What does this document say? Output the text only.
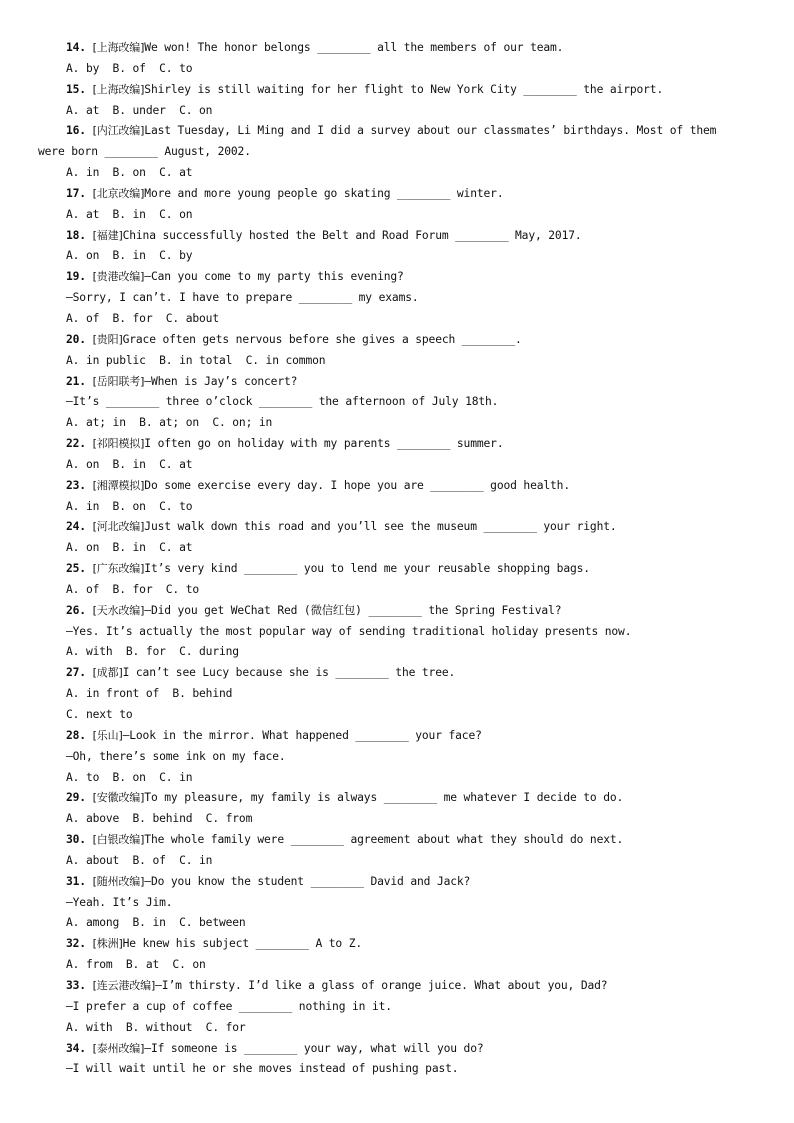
14. [上海改编]We won! The honor belongs ________ all the members of our team.
A. by  B. of  C. to
15. [上海改编]Shirley is still waiting for her flight to New York City ________ the airport.
A. at  B. under  C. on
16. [内江改编]Last Tuesday, Li Ming and I did a survey about our classmates’ birthdays. Most of them
were born ________ August, 2002.
A. in  B. on  C. at
17. [北京改编]More and more young people go skating ________ winter.
A. at  B. in  C. on
18. [福建]China successfully hosted the Belt and Road Forum ________ May, 2017.
A. on  B. in  C. by
19. [贵港改编]—Can you come to my party this evening?
—Sorry, I can’t. I have to prepare ________ my exams.
A. of  B. for  C. about
20. [贵阳]Grace often gets nervous before she gives a speech ________.
A. in public  B. in total  C. in common
21. [岳阳联考]—When is Jay’s concert?
—It’s ________ three o’clock ________ the afternoon of July 18th.
A. at; in  B. at; on  C. on; in
22. [祁阳模拟]I often go on holiday with my parents ________ summer.
A. on  B. in  C. at
23. [湘潭模拟]Do some exercise every day. I hope you are ________ good health.
A. in  B. on  C. to
24. [河北改编]Just walk down this road and you’ll see the museum ________ your right.
A. on  B. in  C. at
25. [广东改编]It’s very kind ________ you to lend me your reusable shopping bags.
A. of  B. for  C. to
26. [天水改编]—Did you get WeChat Red (微信红包) ________ the Spring Festival?
—Yes. It’s actually the most popular way of sending traditional holiday presents now.
A. with  B. for  C. during
27. [成都]I can’t see Lucy because she is ________ the tree.
A. in front of  B. behind
C. next to
28. [乐山]—Look in the mirror. What happened ________ your face?
—Oh, there’s some ink on my face.
A. to  B. on  C. in
29. [安徽改编]To my pleasure, my family is always ________ me whatever I decide to do.
A. above  B. behind  C. from
30. [白银改编]The whole family were ________ agreement about what they should do next.
A. about  B. of  C. in
31. [随州改编]—Do you know the student ________ David and Jack?
—Yeah. It’s Jim.
A. among  B. in  C. between
32. [株洲]He knew his subject ________ A to Z.
A. from  B. at  C. on
33. [连云港改编]—I’m thirsty. I’d like a glass of orange juice. What about you, Dad?
—I prefer a cup of coffee ________ nothing in it.
A. with  B. without  C. for
34. [泰州改编]—If someone is ________ your way, what will you do?
—I will wait until he or she moves instead of pushing past.
